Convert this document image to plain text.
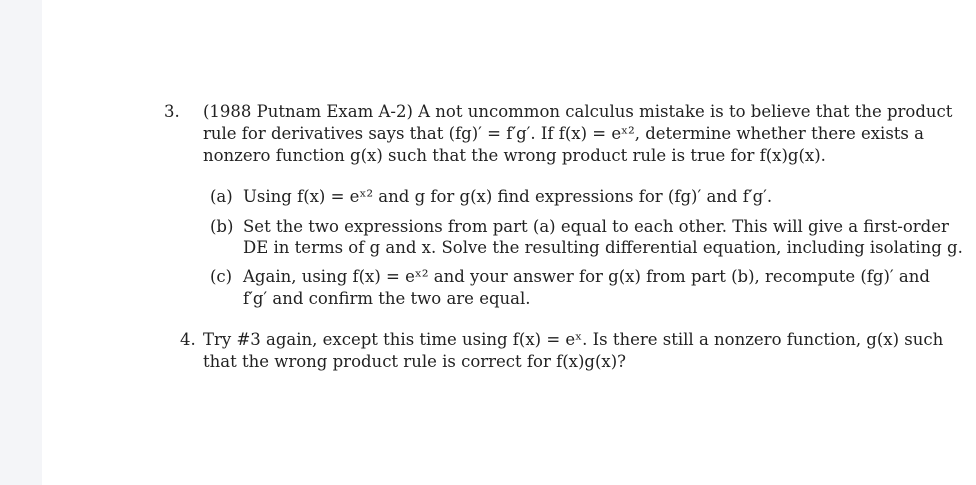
3. (1988 Putnam Exam A-2) A not uncommon calculus mistake is to believe that the product
rule for derivatives says that (fg)′ = f′g′. If f(x) = eˣ², determine whether there exists a
nonzero function g(x) such that the wrong product rule is true for f(x)g(x).
(a) Using f(x) = eˣ² and g for g(x) find expressions for (fg)′ and f′g′.
(b) Set the two expressions from part (a) equal to each other. This will give a first-order
DE in terms of g and x. Solve the resulting differential equation, including isolating g.
(c) Again, using f(x) = eˣ² and your answer for g(x) from part (b), recompute (fg)′ and
f′g′ and confirm the two are equal.
4. Try #3 again, except this time using f(x) = eˣ. Is there still a nonzero function, g(x) such
that the wrong product rule is correct for f(x)g(x)?
